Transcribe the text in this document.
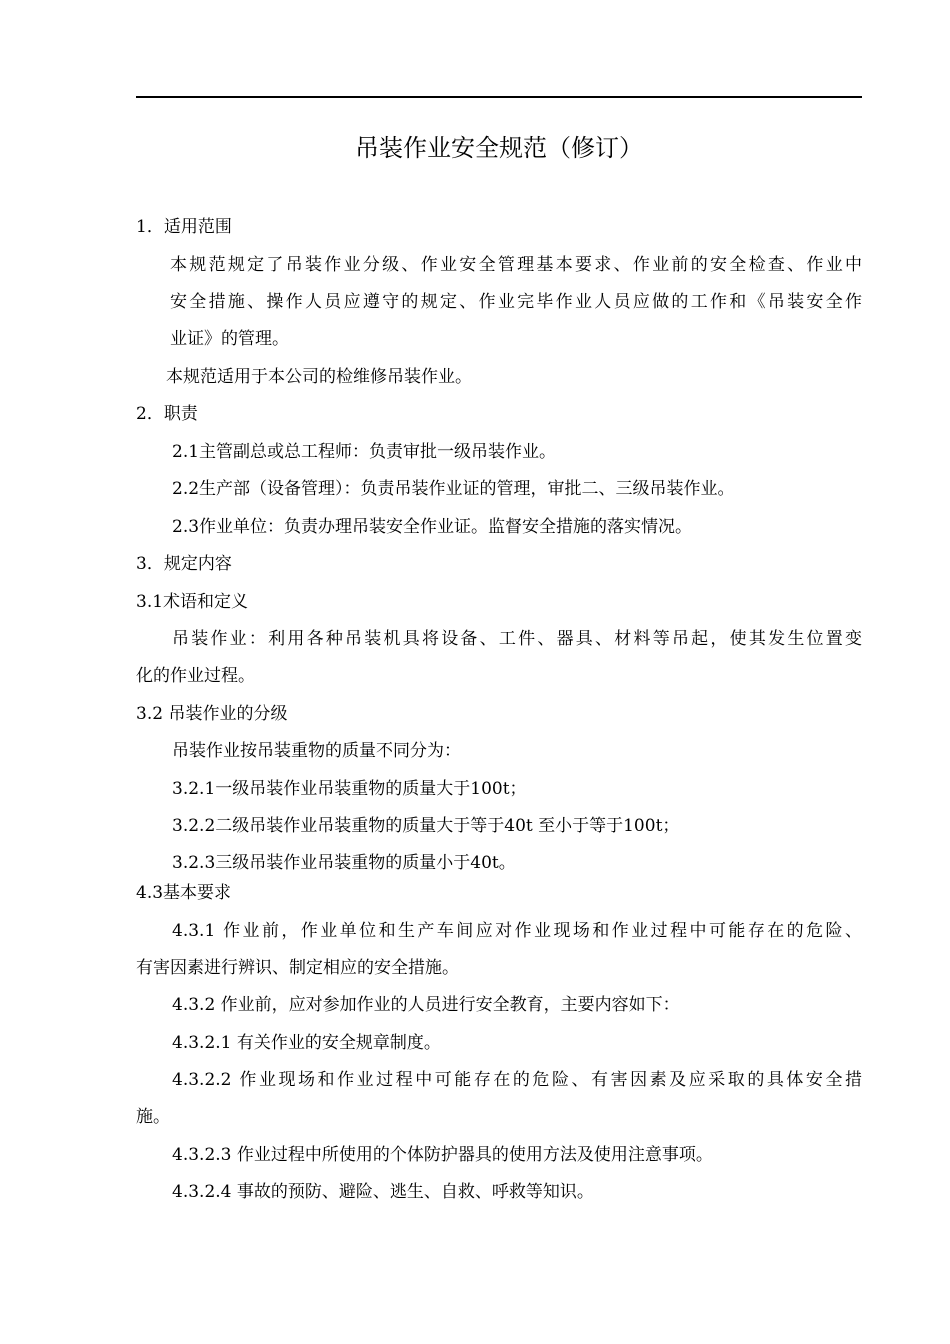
吊装作业安全规范（修订）
1．适用范围
本规范规定了吊装作业分级、作业安全管理基本要求、作业前的安全检查、作业中
安全措施、操作人员应遵守的规定、作业完毕作业人员应做的工作和《吊装安全作
业证》的管理。
本规范适用于本公司的检维修吊装作业。
2．职责
2.1主管副总或总工程师：负责审批一级吊装作业。
2.2生产部（设备管理）：负责吊装作业证的管理，审批二、三级吊装作业。
2.3作业单位：负责办理吊装安全作业证。监督安全措施的落实情况。
3．规定内容
3.1术语和定义
吊装作业：利用各种吊装机具将设备、工件、器具、材料等吊起，使其发生位置变
化的作业过程。
3.2 吊装作业的分级
吊装作业按吊装重物的质量不同分为：
3.2.1一级吊装作业吊装重物的质量大于100t；
3.2.2二级吊装作业吊装重物的质量大于等于40t 至小于等于100t；
3.2.3三级吊装作业吊装重物的质量小于40t。
4.3基本要求
4.3.1 作业前，作业单位和生产车间应对作业现场和作业过程中可能存在的危险、
有害因素进行辨识、制定相应的安全措施。
4.3.2 作业前，应对参加作业的人员进行安全教育，主要内容如下：
4.3.2.1 有关作业的安全规章制度。
4.3.2.2 作业现场和作业过程中可能存在的危险、有害因素及应采取的具体安全措
施。
4.3.2.3 作业过程中所使用的个体防护器具的使用方法及使用注意事项。
4.3.2.4 事故的预防、避险、逃生、自救、呼救等知识。
